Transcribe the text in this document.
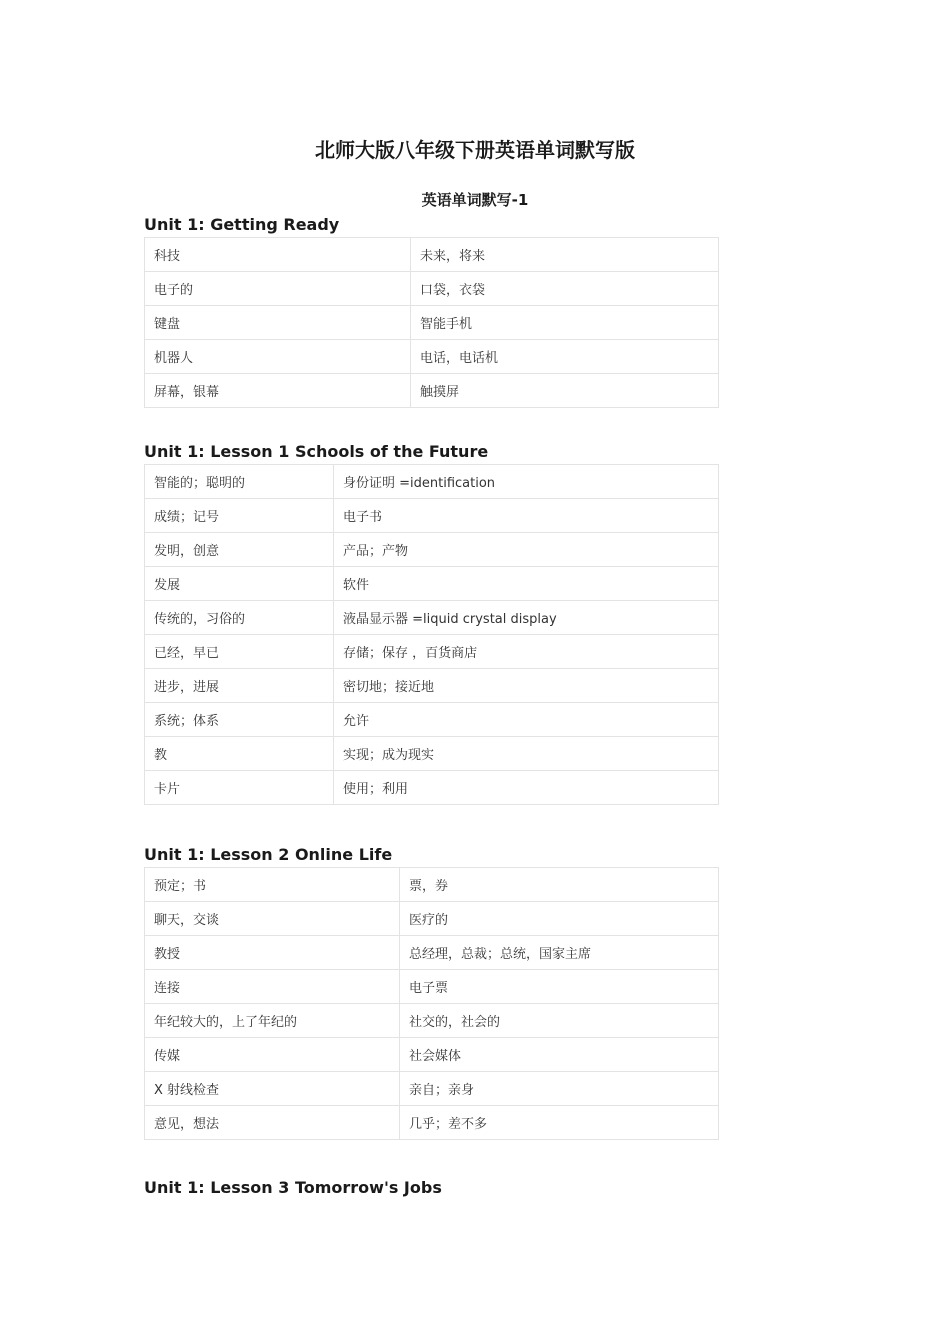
北师大版八年级下册英语单词默写版
英语单词默写-1
Unit 1: Getting Ready
科技	未来，将来
电子的	口袋，衣袋
键盘	智能手机
机器人	电话，电话机
屏幕，银幕	触摸屏
Unit 1: Lesson 1 Schools of the Future
智能的；聪明的	身份证明 =identification
成绩；记号	电子书
发明，创意	产品；产物
发展	软件
传统的，习俗的	液晶显示器 =liquid crystal display
已经，早已	存储；保存 ，百货商店
进步，进展	密切地；接近地
系统；体系	允许
教	实现；成为现实
卡片	使用；利用
Unit 1: Lesson 2 Online Life
预定；书	票，券
聊天，交谈	医疗的
教授	总经理，总裁；总统，国家主席
连接	电子票
年纪较大的，上了年纪的	社交的，社会的
传媒	社会媒体
X 射线检查	亲自；亲身
意见，想法	几乎；差不多
Unit 1: Lesson 3 Tomorrow's Jobs
